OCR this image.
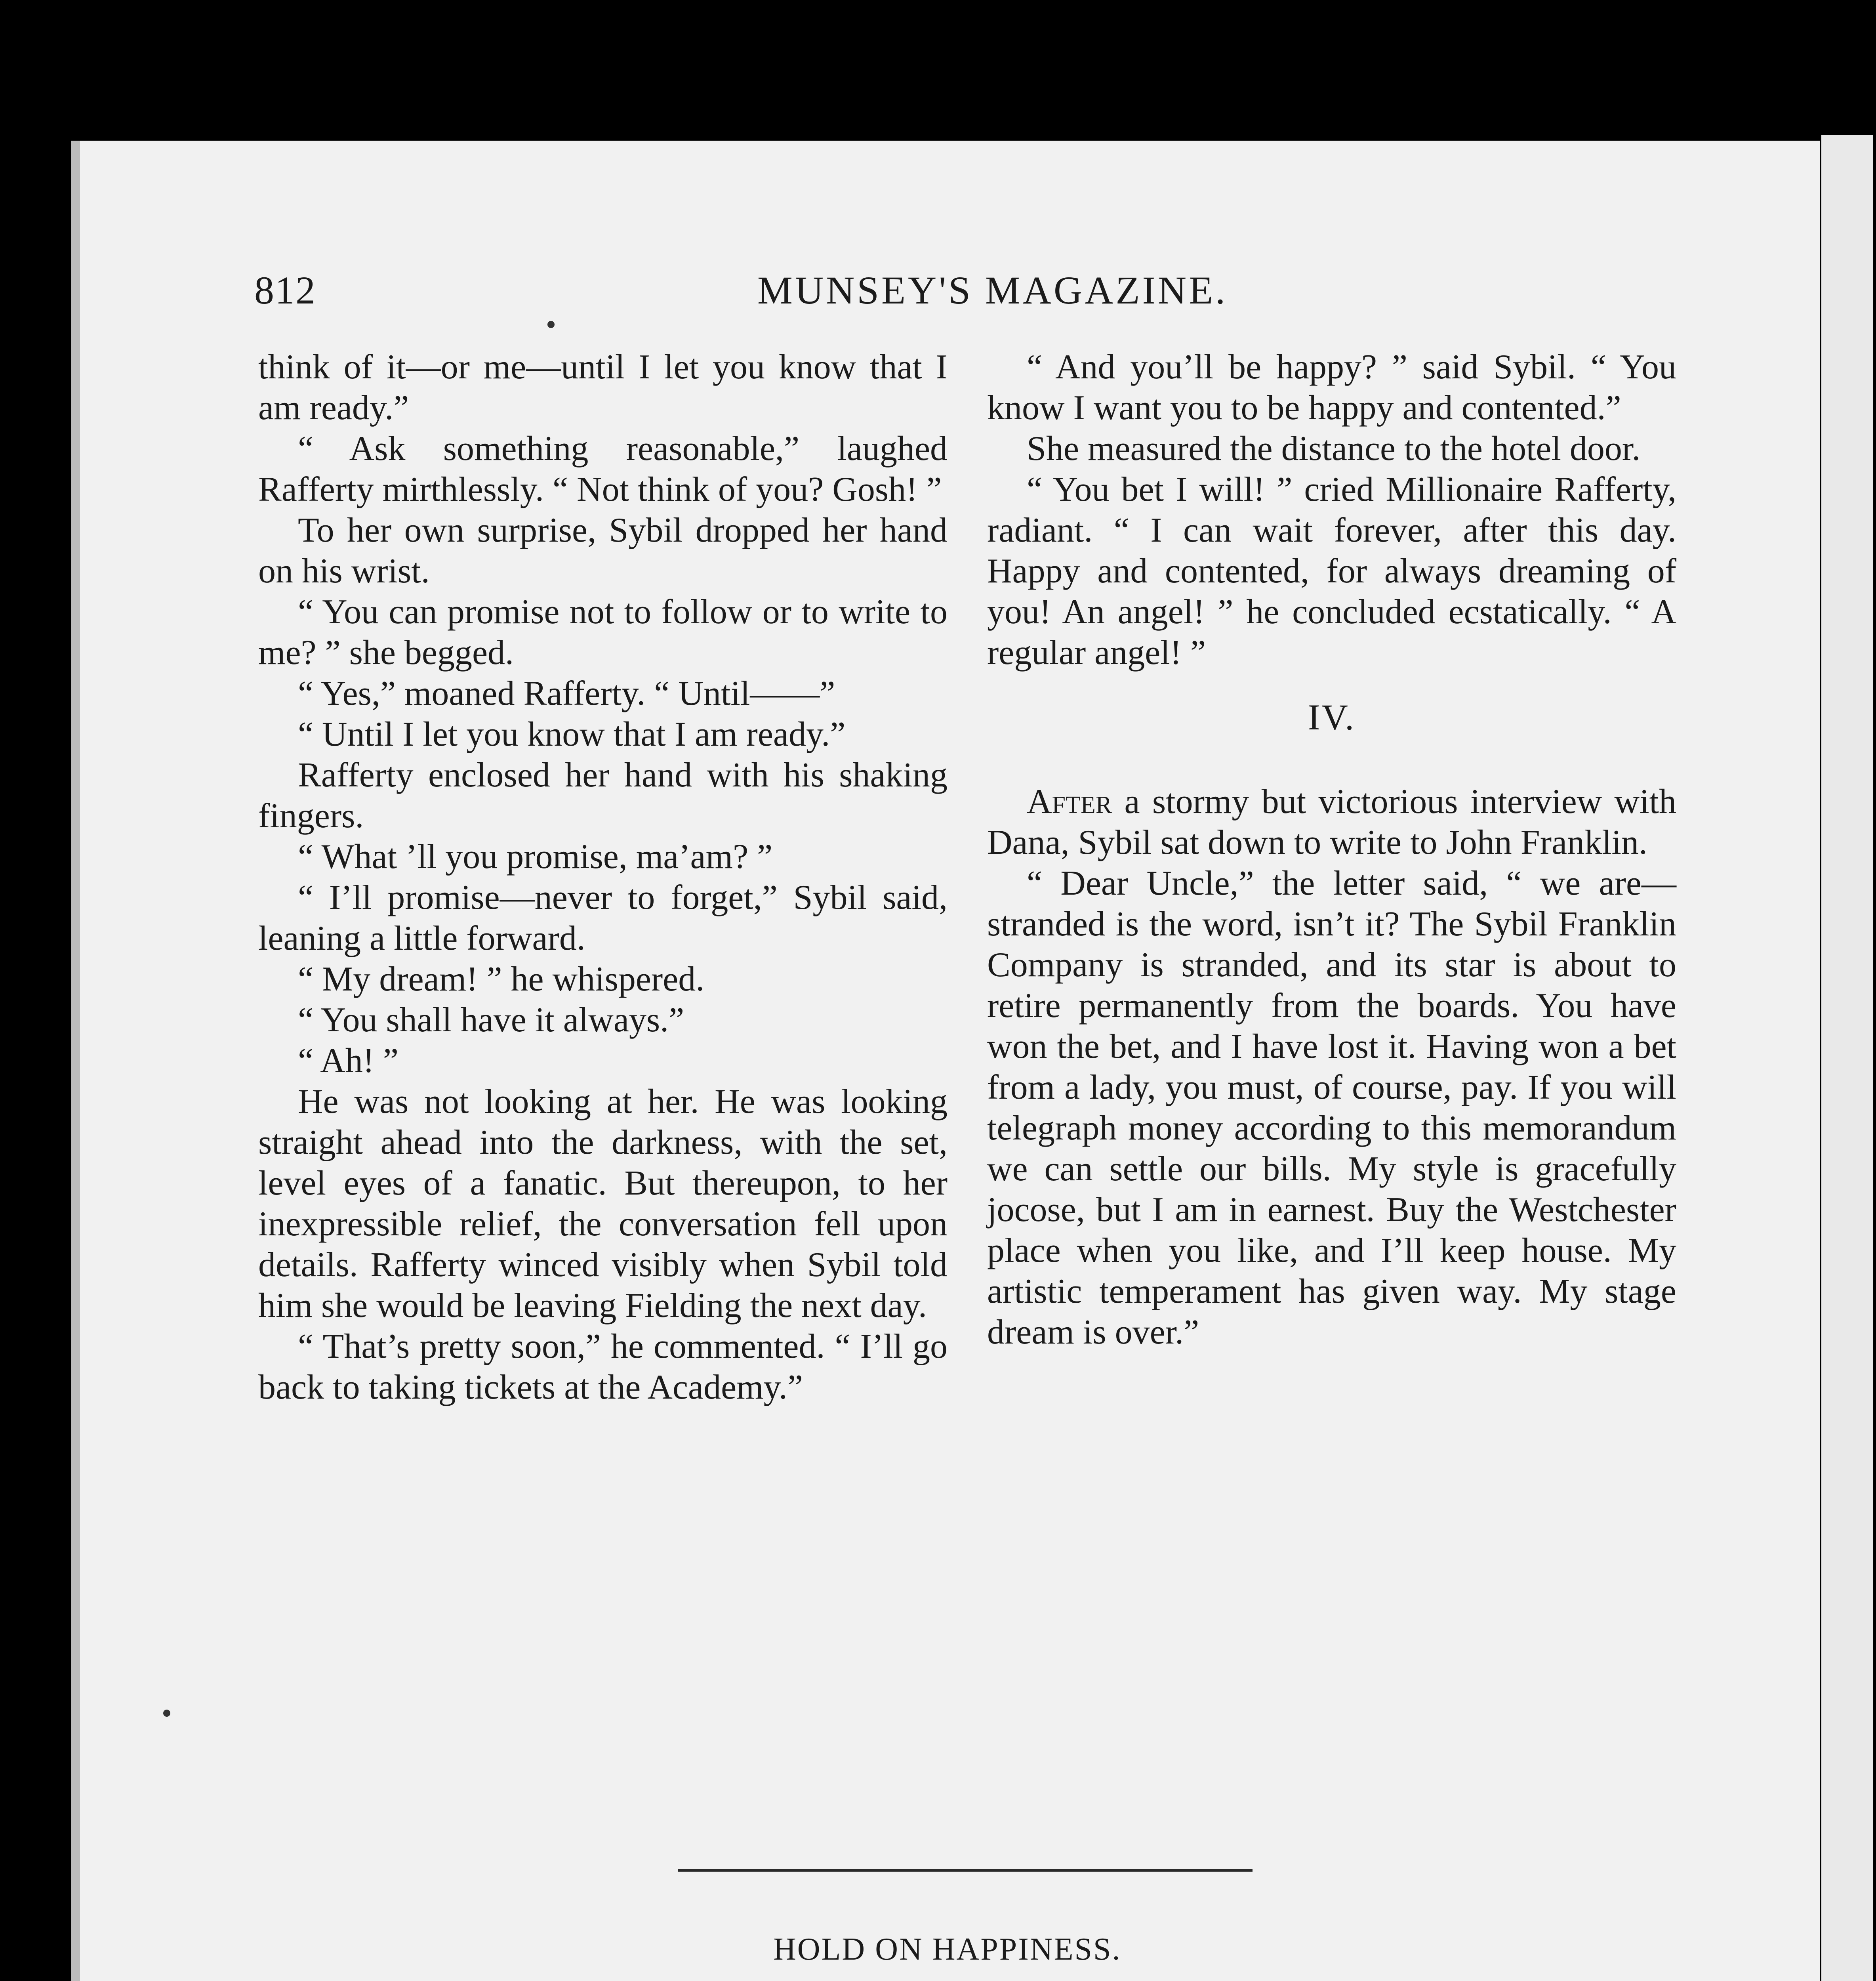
812	MUNSEY'S MAGAZINE.

think of it—or me—until I let you know that I am ready.”

“ Ask something reasonable,” laughed Rafferty mirthlessly. “ Not think of you? Gosh! ”

To her own surprise, Sybil dropped her hand on his wrist.

“ You can promise not to follow or to write to me? ” she begged.

“ Yes,” moaned Rafferty. “ Until——”

“ Until I let you know that I am ready.”

Rafferty enclosed her hand with his shaking fingers.

“ What ’ll you promise, ma’am? ”

“ I’ll promise—never to forget,” Sybil said, leaning a little forward.

“ My dream! ” he whispered.

“ You shall have it always.”

“ Ah! ”

He was not looking at her. He was looking straight ahead into the darkness, with the set, level eyes of a fanatic. But thereupon, to her inexpressible relief, the conversation fell upon details. Rafferty winced visibly when Sybil told him she would be leaving Fielding the next day.

“ That’s pretty soon,” he commented. “ I’ll go back to taking tickets at the Academy.”

“ And you’ll be happy? ” said Sybil. “ You know I want you to be happy and contented.”

She measured the distance to the hotel door.

“ You bet I will! ” cried Millionaire Rafferty, radiant. “ I can wait forever, after this day. Happy and contented, for always dreaming of you! An angel! ” he concluded ecstatically. “ A regular angel! ”

IV.

After a stormy but victorious interview with Dana, Sybil sat down to write to John Franklin.

“ Dear Uncle,” the letter said, “ we are—stranded is the word, isn’t it? The Sybil Franklin Company is stranded, and its star is about to retire permanently from the boards. You have won the bet, and I have lost it. Having won a bet from a lady, you must, of course, pay. If you will telegraph money according to this memorandum we can settle our bills. My style is gracefully jocose, but I am in earnest. Buy the Westchester place when you like, and I’ll keep house. My artistic temperament has given way. My stage dream is over.”

HOLD ON HAPPINESS.
